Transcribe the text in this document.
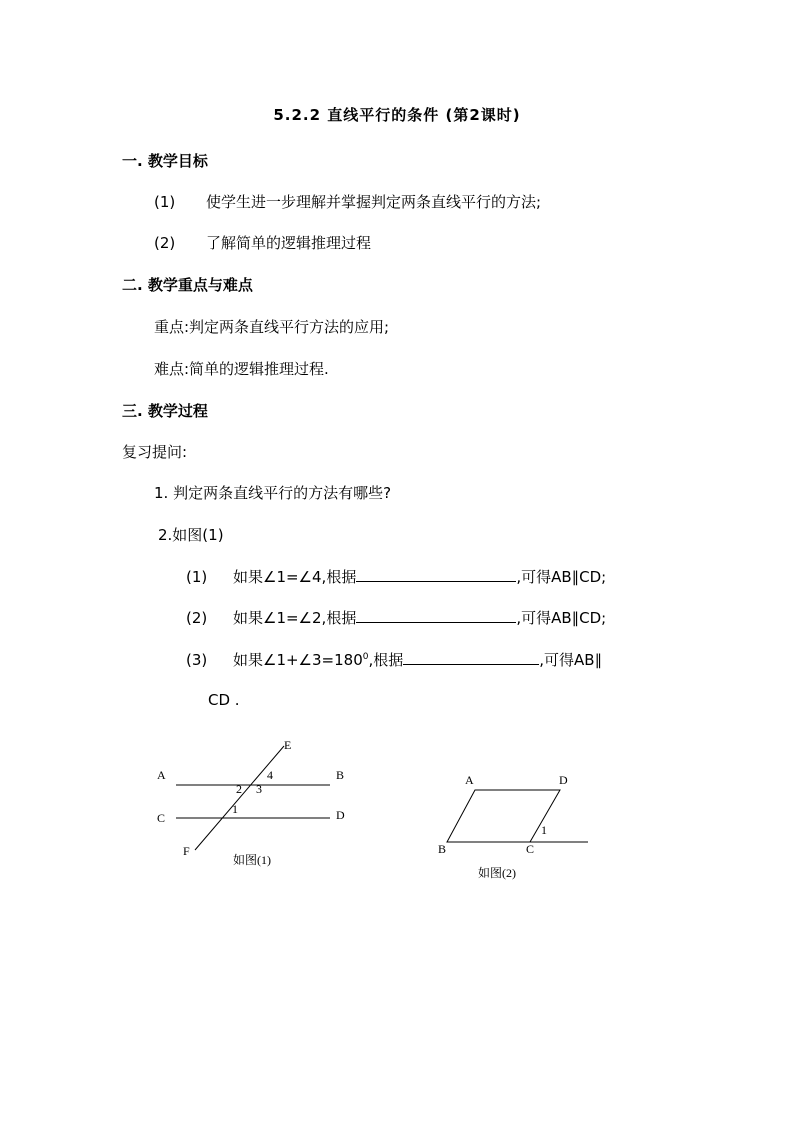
5.2.2 直线平行的条件 (第2课时)
一. 教学目标
(1) 使学生进一步理解并掌握判定两条直线平行的方法;
(2) 了解简单的逻辑推理过程
二. 教学重点与难点
重点:判定两条直线平行方法的应用;
难点:简单的逻辑推理过程.
三. 教学过程
复习提问:
1. 判定两条直线平行的方法有哪些?
2.如图(1)
(1) 如果∠1=∠4,根据	,可得AB∥CD;
(2) 如果∠1=∠2,根据	,可得AB∥CD;
(3) 如果$\angle 1+\angle 3=180^0$,根据	,可得AB∥
CD .
A	B
C	D
E
F
4
2 3
1
如图(1)
A	D
B	C
1
如图(2)
